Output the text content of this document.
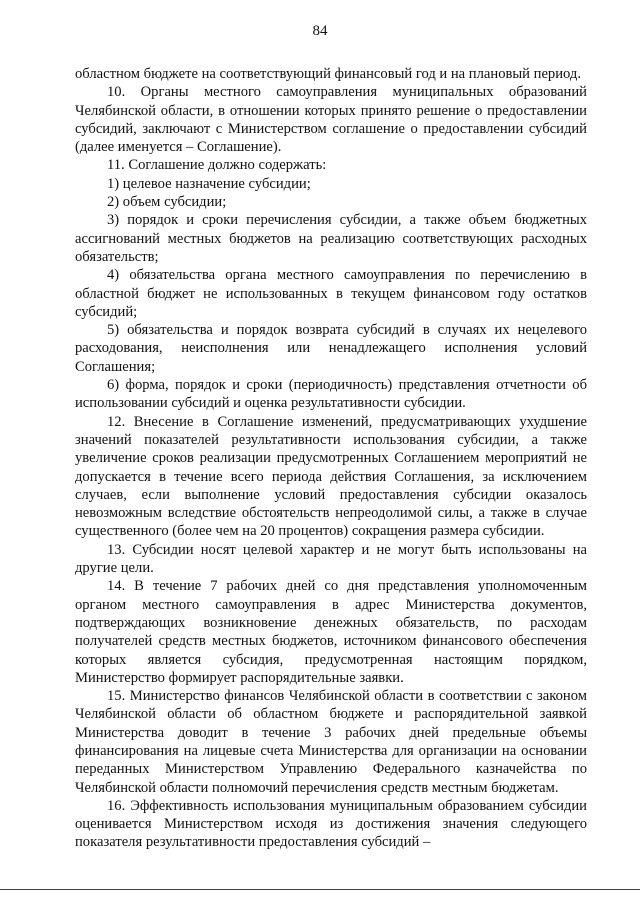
84

областном бюджете на соответствующий финансовый год и на плановый период.

10. Органы местного самоуправления муниципальных образований Челябинской области, в отношении которых принято решение о предоставлении субсидий, заключают с Министерством соглашение о предоставлении субсидий (далее именуется – Соглашение).

11. Соглашение должно содержать:

1) целевое назначение субсидии;

2) объем субсидии;

3) порядок и сроки перечисления субсидии, а также объем бюджетных ассигнований местных бюджетов на реализацию соответствующих расходных обязательств;

4) обязательства органа местного самоуправления по перечислению в областной бюджет не использованных в текущем финансовом году остатков субсидий;

5) обязательства и порядок возврата субсидий в случаях их нецелевого расходования, неисполнения или ненадлежащего исполнения условий Соглашения;

6) форма, порядок и сроки (периодичность) представления отчетности об использовании субсидий и оценка результативности субсидии.

12. Внесение в Соглашение изменений, предусматривающих ухудшение значений показателей результативности использования субсидии, а также увеличение сроков реализации предусмотренных Соглашением мероприятий не допускается в течение всего периода действия Соглашения, за исключением случаев, если выполнение условий предоставления субсидии оказалось невозможным вследствие обстоятельств непреодолимой силы, а также в случае существенного (более чем на 20 процентов) сокращения размера субсидии.

13. Субсидии носят целевой характер и не могут быть использованы на другие цели.

14. В течение 7 рабочих дней со дня представления уполномоченным органом местного самоуправления в адрес Министерства документов, подтверждающих возникновение денежных обязательств, по расходам получателей средств местных бюджетов, источником финансового обеспечения которых является субсидия, предусмотренная настоящим порядком, Министерство формирует распорядительные заявки.

15. Министерство финансов Челябинской области в соответствии с законом Челябинской области об областном бюджете и распорядительной заявкой Министерства доводит в течение 3 рабочих дней предельные объемы финансирования на лицевые счета Министерства для организации на основании переданных Министерством Управлению Федерального казначейства по Челябинской области полномочий перечисления средств местным бюджетам.

16. Эффективность использования муниципальным образованием субсидии оценивается Министерством исходя из достижения значения следующего показателя результативности предоставления субсидий –
